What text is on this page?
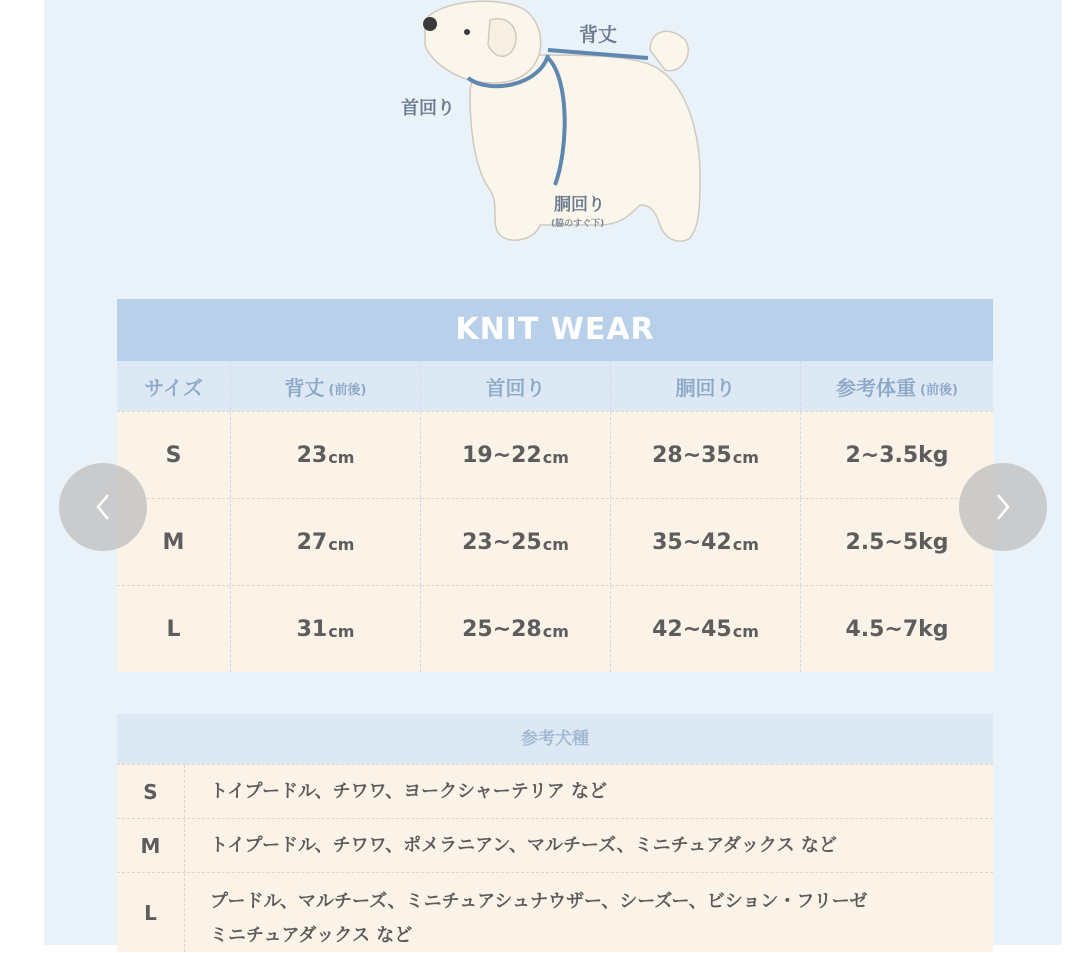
背丈
首回り
胴回り
(脇のすぐ下)
KNIT WEAR
サイズ	背丈 (前後)	首回り	胴回り	参考体重 (前後)
S	23 cm	19~22 cm	28~35 cm	2~3.5kg
M	27 cm	23~25 cm	35~42 cm	2.5~5kg
L	31 cm	25~28 cm	42~45 cm	4.5~7kg
参考犬種
S	トイプードル、チワワ、ヨークシャーテリア など
M	トイプードル、チワワ、ポメラニアン、マルチーズ、ミニチュアダックス など
L	プードル、マルチーズ、ミニチュアシュナウザー、シーズー、ビション・フリーゼ
ミニチュアダックス など
